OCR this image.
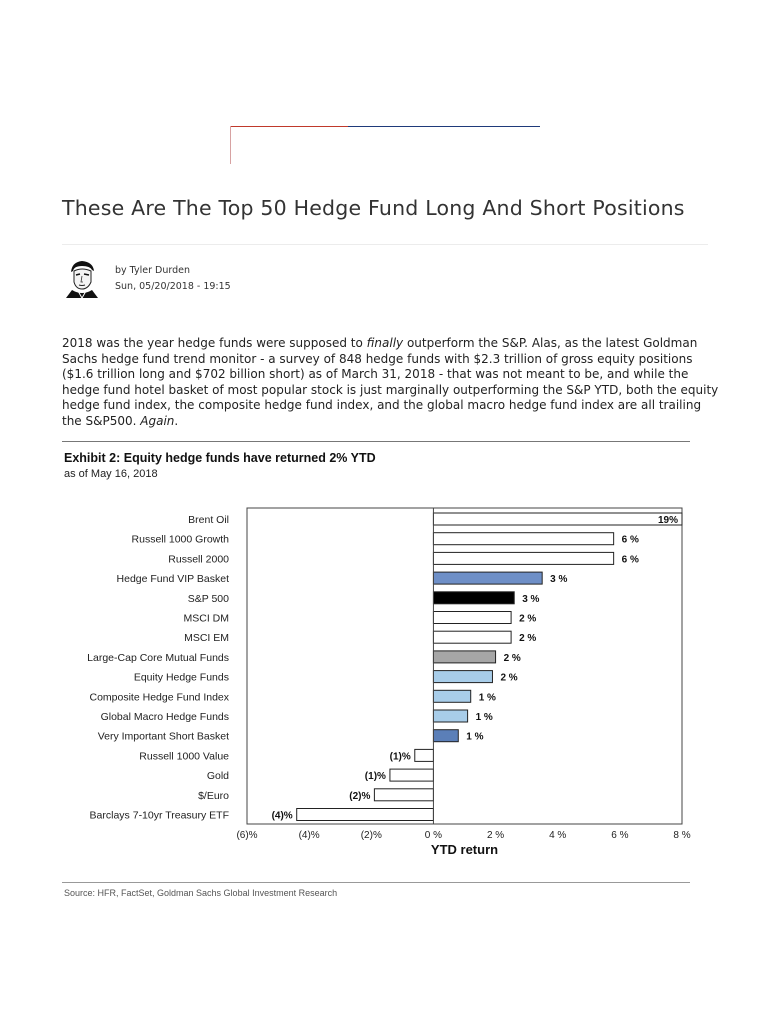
These Are The Top 50 Hedge Fund Long And Short Positions
by Tyler Durden
Sun, 05/20/2018 - 19:15

2018 was the year hedge funds were supposed to finally outperform the S&P. Alas, as the latest Goldman Sachs hedge fund trend monitor - a survey of 848 hedge funds with $2.3 trillion of gross equity positions ($1.6 trillion long and $702 billion short) as of March 31, 2018 - that was not meant to be, and while the hedge fund hotel basket of most popular stock is just marginally outperforming the S&P YTD, both the equity hedge fund index, the composite hedge fund index, and the global macro hedge fund index are all trailing the S&P500. Again.

Exhibit 2: Equity hedge funds have returned 2% YTD
as of May 16, 2018
Brent Oil
Russell 1000 Growth
Russell 2000
Hedge Fund VIP Basket
S&P 500
MSCI DM
MSCI EM
Large-Cap Core Mutual Funds
Equity Hedge Funds
Composite Hedge Fund Index
Global Macro Hedge Funds
Very Important Short Basket
Russell 1000 Value
Gold
$/Euro
Barclays 7-10yr Treasury ETF
19%
6 %
6 %
3 %
3 %
2 %
2 %
2 %
2 %
1 %
1 %
1 %
(1)%
(1)%
(2)%
(4)%
(6)%	(4)%	(2)%	0 %	2 %	4 %	6 %	8 %
YTD return
Source: HFR, FactSet, Goldman Sachs Global Investment Research
